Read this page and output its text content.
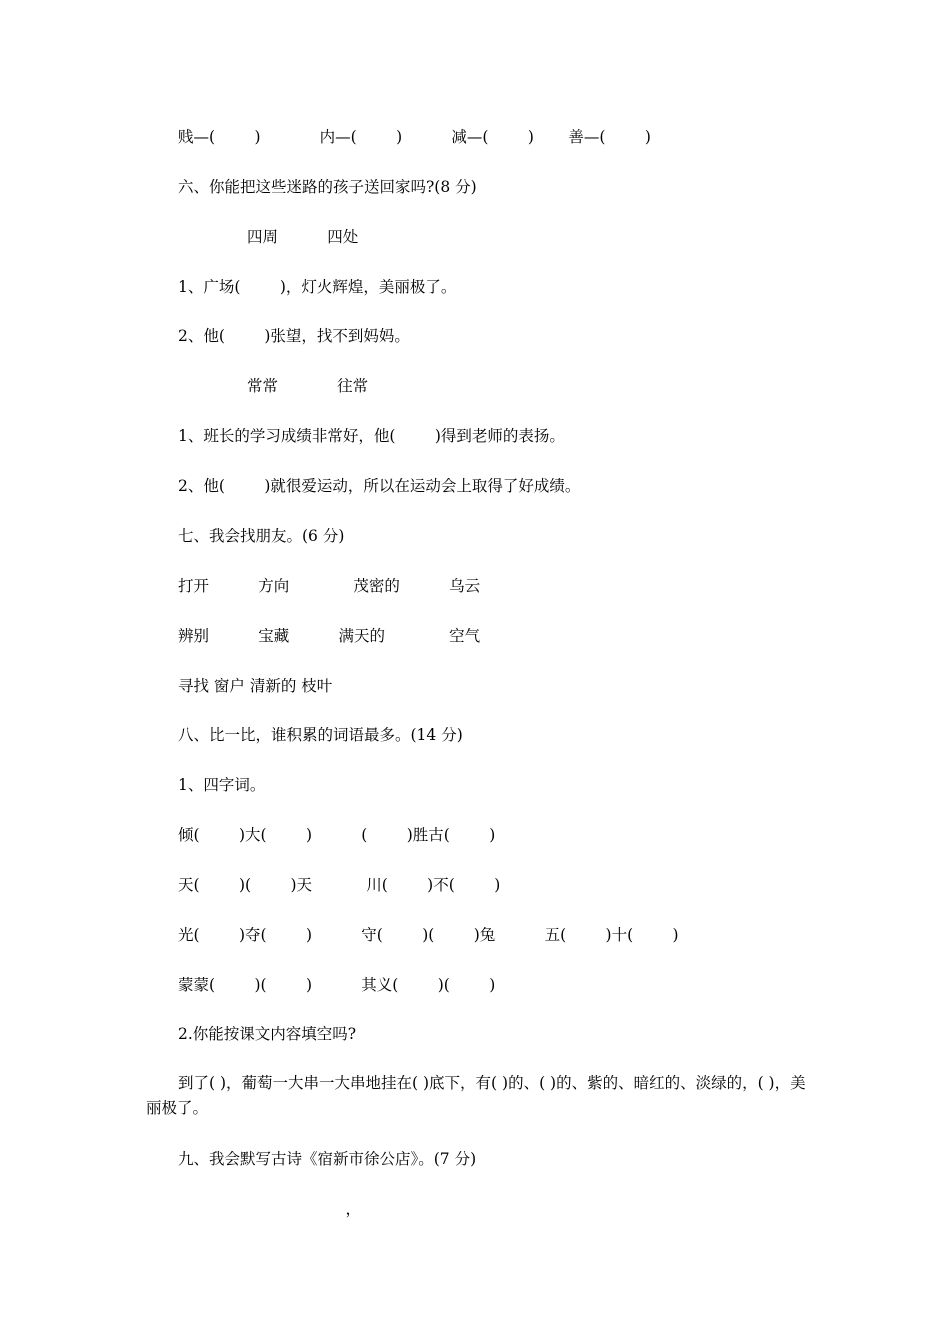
贱—(        )            内—(        )          减—(        )       善—(        )
六、你能把这些迷路的孩子送回家吗?(8 分)
四周          四处
1、广场(        )，灯火辉煌，美丽极了。
2、他(        )张望，找不到妈妈。
常常            往常
1、班长的学习成绩非常好，他(        )得到老师的表扬。
2、他(        )就很爱运动，所以在运动会上取得了好成绩。
七、我会找朋友。(6 分)
打开          方向             茂密的          乌云
辨别          宝藏          满天的             空气
寻找 窗户 清新的 枝叶
八、比一比，谁积累的词语最多。(14 分)
1、四字词。
倾(        )大(        )          (        )胜古(        )
天(        )(        )天           川(        )不(        )
光(        )夺(        )          守(        )(        )兔          五(        )十(        )
蒙蒙(        )(        )          其义(        )(        )
2.你能按课文内容填空吗?
到了( )，葡萄一大串一大串地挂在( )底下，有( )的、( )的、紫的、暗红的、淡绿的，( )，美丽极了。
九、我会默写古诗《宿新市徐公店》。(7 分)
，
